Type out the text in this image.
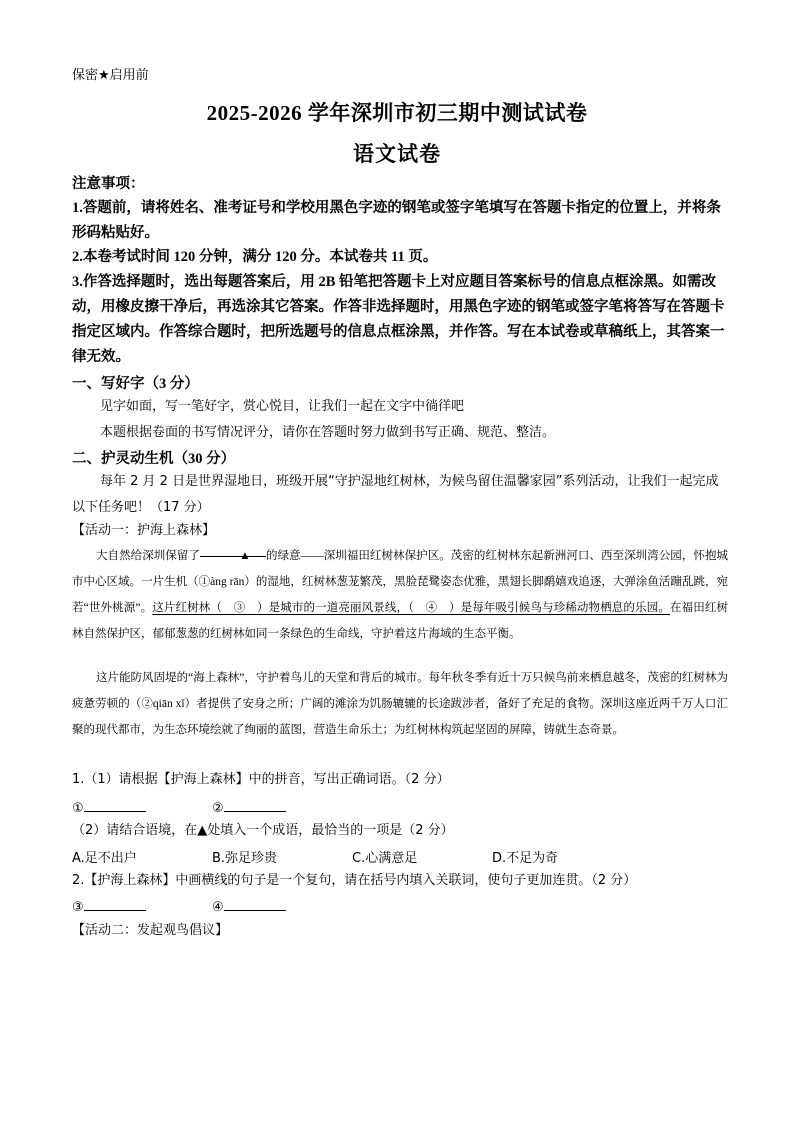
保密★启用前
2025-2026 学年深圳市初三期中测试试卷
语文试卷
注意事项：
1.答题前，请将姓名、准考证号和学校用黑色字迹的钢笔或签字笔填写在答题卡指定的位置上，并将条形码粘贴好。
2.本卷考试时间 120 分钟，满分 120 分。本试卷共 11 页。
3.作答选择题时，选出每题答案后，用 2B 铅笔把答题卡上对应题目答案标号的信息点框涂黑。如需改动，用橡皮擦干净后，再选涂其它答案。作答非选择题时，用黑色字迹的钢笔或签字笔将答写在答题卡指定区域内。作答综合题时，把所选题号的信息点框涂黑，并作答。写在本试卷或草稿纸上，其答案一律无效。
一、写好字（3 分）
见字如面，写一笔好字，赏心悦目，让我们一起在文字中徜徉吧
本题根据卷面的书写情况评分，请你在答题时努力做到书写正确、规范、整洁。
二、护灵动生机（30 分）
每年 2 月 2 日是世界湿地日，班级开展“守护湿地红树林，为候鸟留住温馨家园”系列活动，让我们一起完成以下任务吧！（17 分）
【活动一：护海上森林】
大自然给深圳保留了	▲ 的绿意——深圳福田红树林保护区。茂密的红树林东起新洲河口、西至深圳湾公园，怀抱城市中心区域。一片生机（①àng rān）的湿地，红树林葱茏繁茂，黑脸琵鹭姿态优雅，黑翅长脚鹬嬉戏追逐，大弹涂鱼活蹦乱跳，宛若“世外桃源”。这片红树林（　③　）是城市的一道亮丽风景线，（　④　）是每年吸引候鸟与珍稀动物栖息的乐园。在福田红树林自然保护区，郁郁葱葱的红树林如同一条绿色的生命线，守护着这片海域的生态平衡。
这片能防风固堤的“海上森林”，守护着鸟儿的天堂和背后的城市。每年秋冬季有近十万只候鸟前来栖息越冬，茂密的红树林为疲惫劳顿的（②qiān xǐ）者提供了安身之所；广阔的滩涂为饥肠辘辘的长途跋涉者，备好了充足的食物。深圳这座近两千万人口汇聚的现代都市，为生态环境绘就了绚丽的蓝图，营造生命乐土；为红树林构筑起坚固的屏障，铸就生态奇景。
1.（1）请根据【护海上森林】中的拼音，写出正确词语。（2 分）
①	②
（2）请结合语境，在▲处填入一个成语，最恰当的一项是（2 分）
A.足不出户	B.弥足珍贵	C.心满意足	D.不足为奇
2.【护海上森林】中画横线的句子是一个复句，请在括号内填入关联词，使句子更加连贯。（2 分）
③	④
【活动二：发起观鸟倡议】
